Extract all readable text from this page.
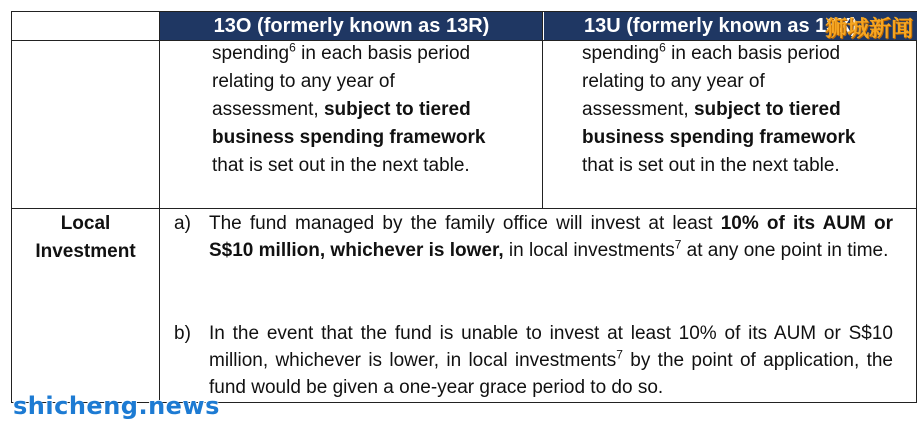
13O (formerly known as 13R)	13U (formerly known as 13X)
spending$^6$ in each basis period
relating to any year of
assessment, subject to tiered
business spending framework
that is set out in the next table.
spending$^6$ in each basis period
relating to any year of
assessment, subject to tiered
business spending framework
that is set out in the next table.
Local
Investment
a) The fund managed by the family office will invest at least 10% of its AUM or S$10 million, whichever is lower, in local investments$^7$ at any one point in time.
b) In the event that the fund is unable to invest at least 10% of its AUM or S$10 million, whichever is lower, in local investments$^7$ by the point of application, the fund would be given a one-year grace period to do so.
狮城新闻
shicheng.news
